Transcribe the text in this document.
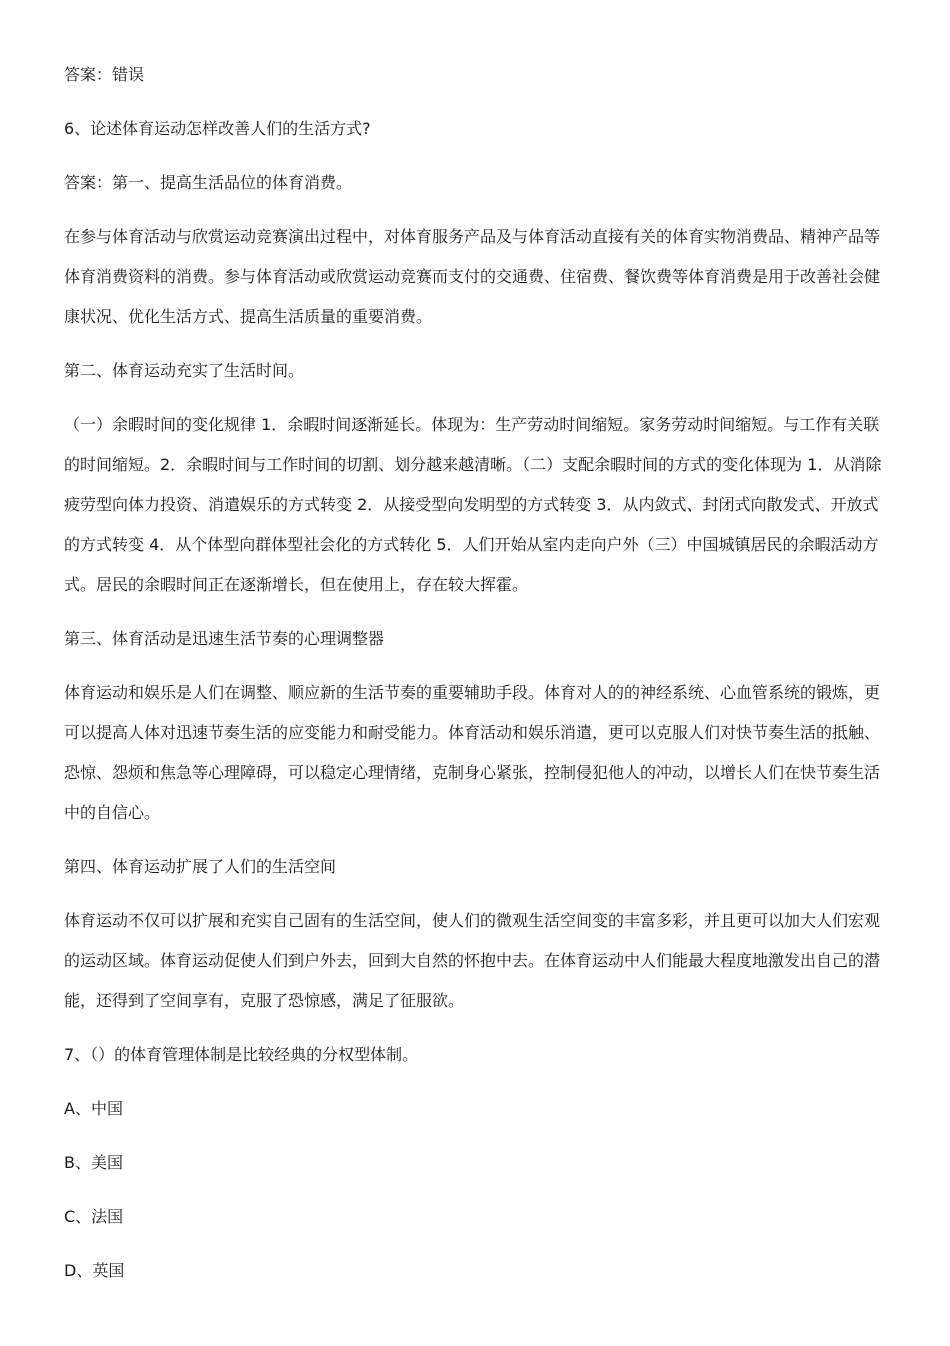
答案：错误

6、论述体育运动怎样改善人们的生活方式?

答案：第一、提高生活品位的体育消费。

在参与体育活动与欣赏运动竞赛演出过程中，对体育服务产品及与体育活动直接有关的体育实物消费品、精神产品等体育消费资料的消费。参与体育活动或欣赏运动竞赛而支付的交通费、住宿费、餐饮费等体育消费是用于改善社会健康状况、优化生活方式、提高生活质量的重要消费。

第二、体育运动充实了生活时间。

（一）余暇时间的变化规律 1．余暇时间逐渐延长。体现为：生产劳动时间缩短。家务劳动时间缩短。与工作有关联的时间缩短。2．余暇时间与工作时间的切割、划分越来越清晰。（二）支配余暇时间的方式的变化体现为 1．从消除疲劳型向体力投资、消遣娱乐的方式转变 2．从接受型向发明型的方式转变 3．从内敛式、封闭式向散发式、开放式的方式转变 4．从个体型向群体型社会化的方式转化 5．人们开始从室内走向户外（三）中国城镇居民的余暇活动方式。居民的余暇时间正在逐渐增长，但在使用上，存在较大挥霍。

第三、体育活动是迅速生活节奏的心理调整器

体育运动和娱乐是人们在调整、顺应新的生活节奏的重要辅助手段。体育对人的的神经系统、心血管系统的锻炼，更可以提高人体对迅速节奏生活的应变能力和耐受能力。体育活动和娱乐消遣，更可以克服人们对快节奏生活的抵触、恐惊、怨烦和焦急等心理障碍，可以稳定心理情绪，克制身心紧张，控制侵犯他人的冲动，以增长人们在快节奏生活中的自信心。

第四、体育运动扩展了人们的生活空间

体育运动不仅可以扩展和充实自己固有的生活空间，使人们的微观生活空间变的丰富多彩，并且更可以加大人们宏观的运动区域。体育运动促使人们到户外去，回到大自然的怀抱中去。在体育运动中人们能最大程度地激发出自己的潜能，还得到了空间享有，克服了恐惊感，满足了征服欲。

7、（）的体育管理体制是比较经典的分权型体制。

A、中国

B、美国

C、法国

D、英国
